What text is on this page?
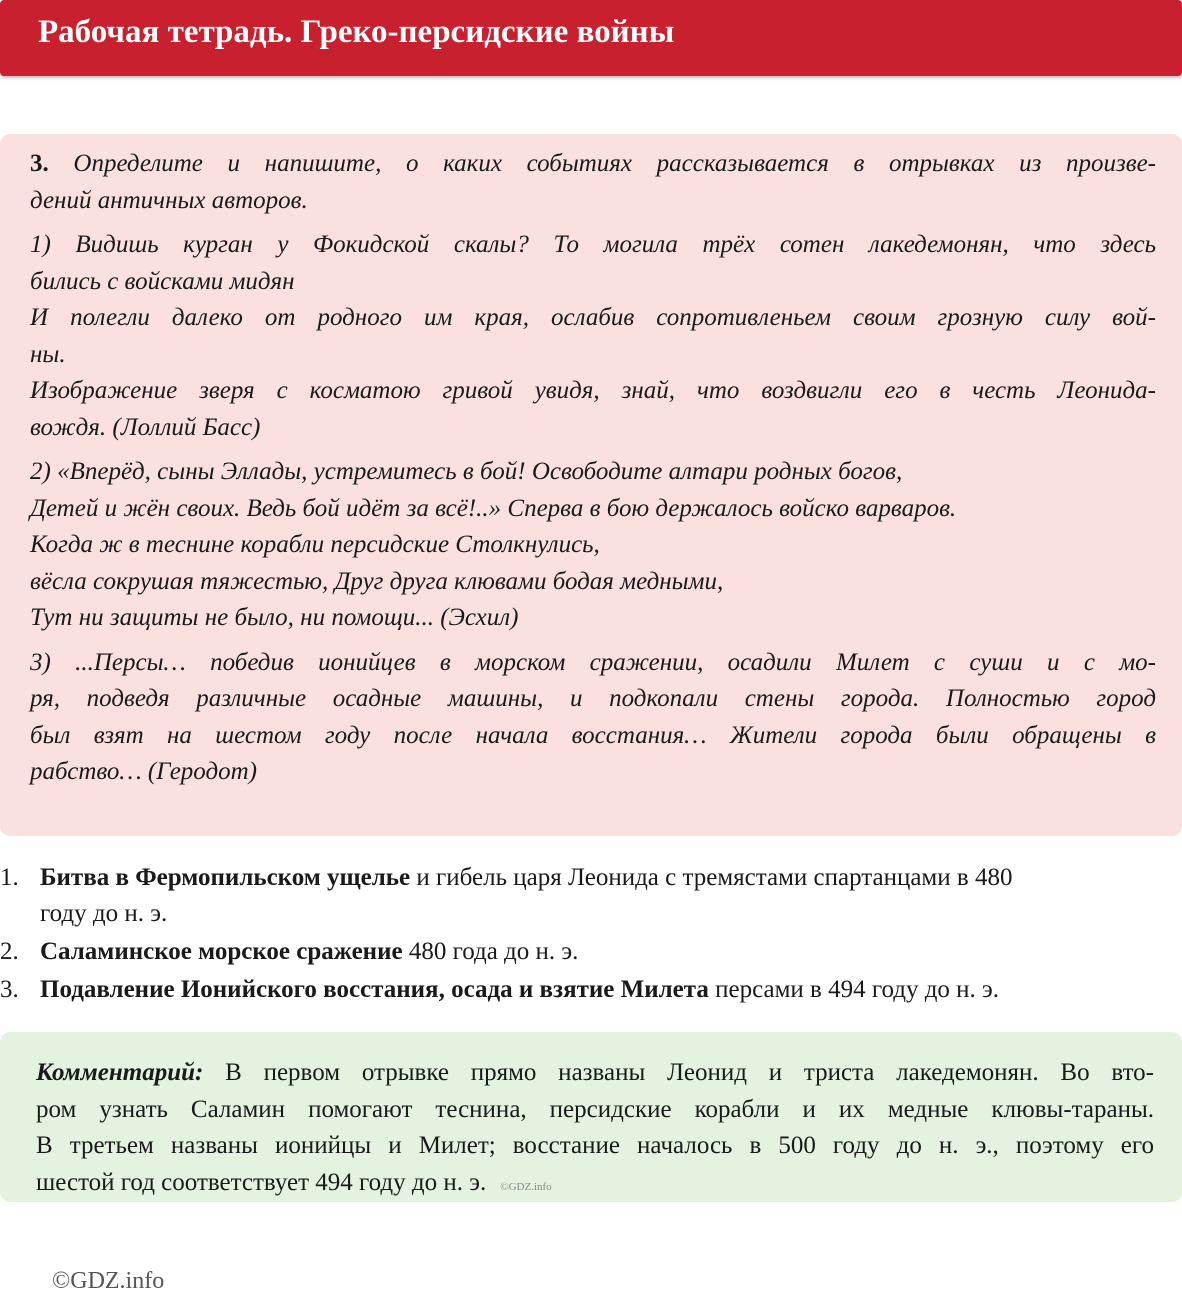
Рабочая тетрадь. Греко-персидские войны

3. Определите и напишите, о каких событиях рассказывается в отрывках из произве-

дений античных авторов.

1) Видишь курган у Фокидской скалы? То могила трёх сотен лакедемонян, что здесь

бились с войсками мидян

И полегли далеко от родного им края, ослабив сопротивленьем своим грозную силу вой-

ны.

Изображение зверя с косматою гривой увидя, знай, что воздвигли его в честь Леонида-

вождя. (Лоллий Басс)

2) «Вперёд, сыны Эллады, устремитесь в бой! Освободите алтари родных богов,

Детей и жён своих. Ведь бой идёт за всё!..» Сперва в бою держалось войско варваров.

Когда ж в теснине корабли персидские Столкнулись,

вёсла сокрушая тяжестью, Друг друга клювами бодая медными,

Тут ни защиты не было, ни помощи... (Эсхил)

3) ...Персы… победив ионийцев в морском сражении, осадили Милет с суши и с мо-

ря, подведя различные осадные машины, и подкопали стены города. Полностью город

был взят на шестом году после начала восстания… Жители города были обращены в

рабство… (Геродот)

1. Битва в Фермопильском ущелье и гибель царя Леонида с тремястами спартанцами в 480
году до н. э.
2. Саламинское морское сражение 480 года до н. э.
3. Подавление Ионийского восстания, осада и взятие Милета персами в 494 году до н. э.

Комментарий: В первом отрывке прямо названы Леонид и триста лакедемонян. Во вто-

ром узнать Саламин помогают теснина, персидские корабли и их медные клювы-тараны.

В третьем названы ионийцы и Милет; восстание началось в 500 году до н. э., поэтому его

шестой год соответствует 494 году до н. э. ©GDZ.info

©GDZ.info
